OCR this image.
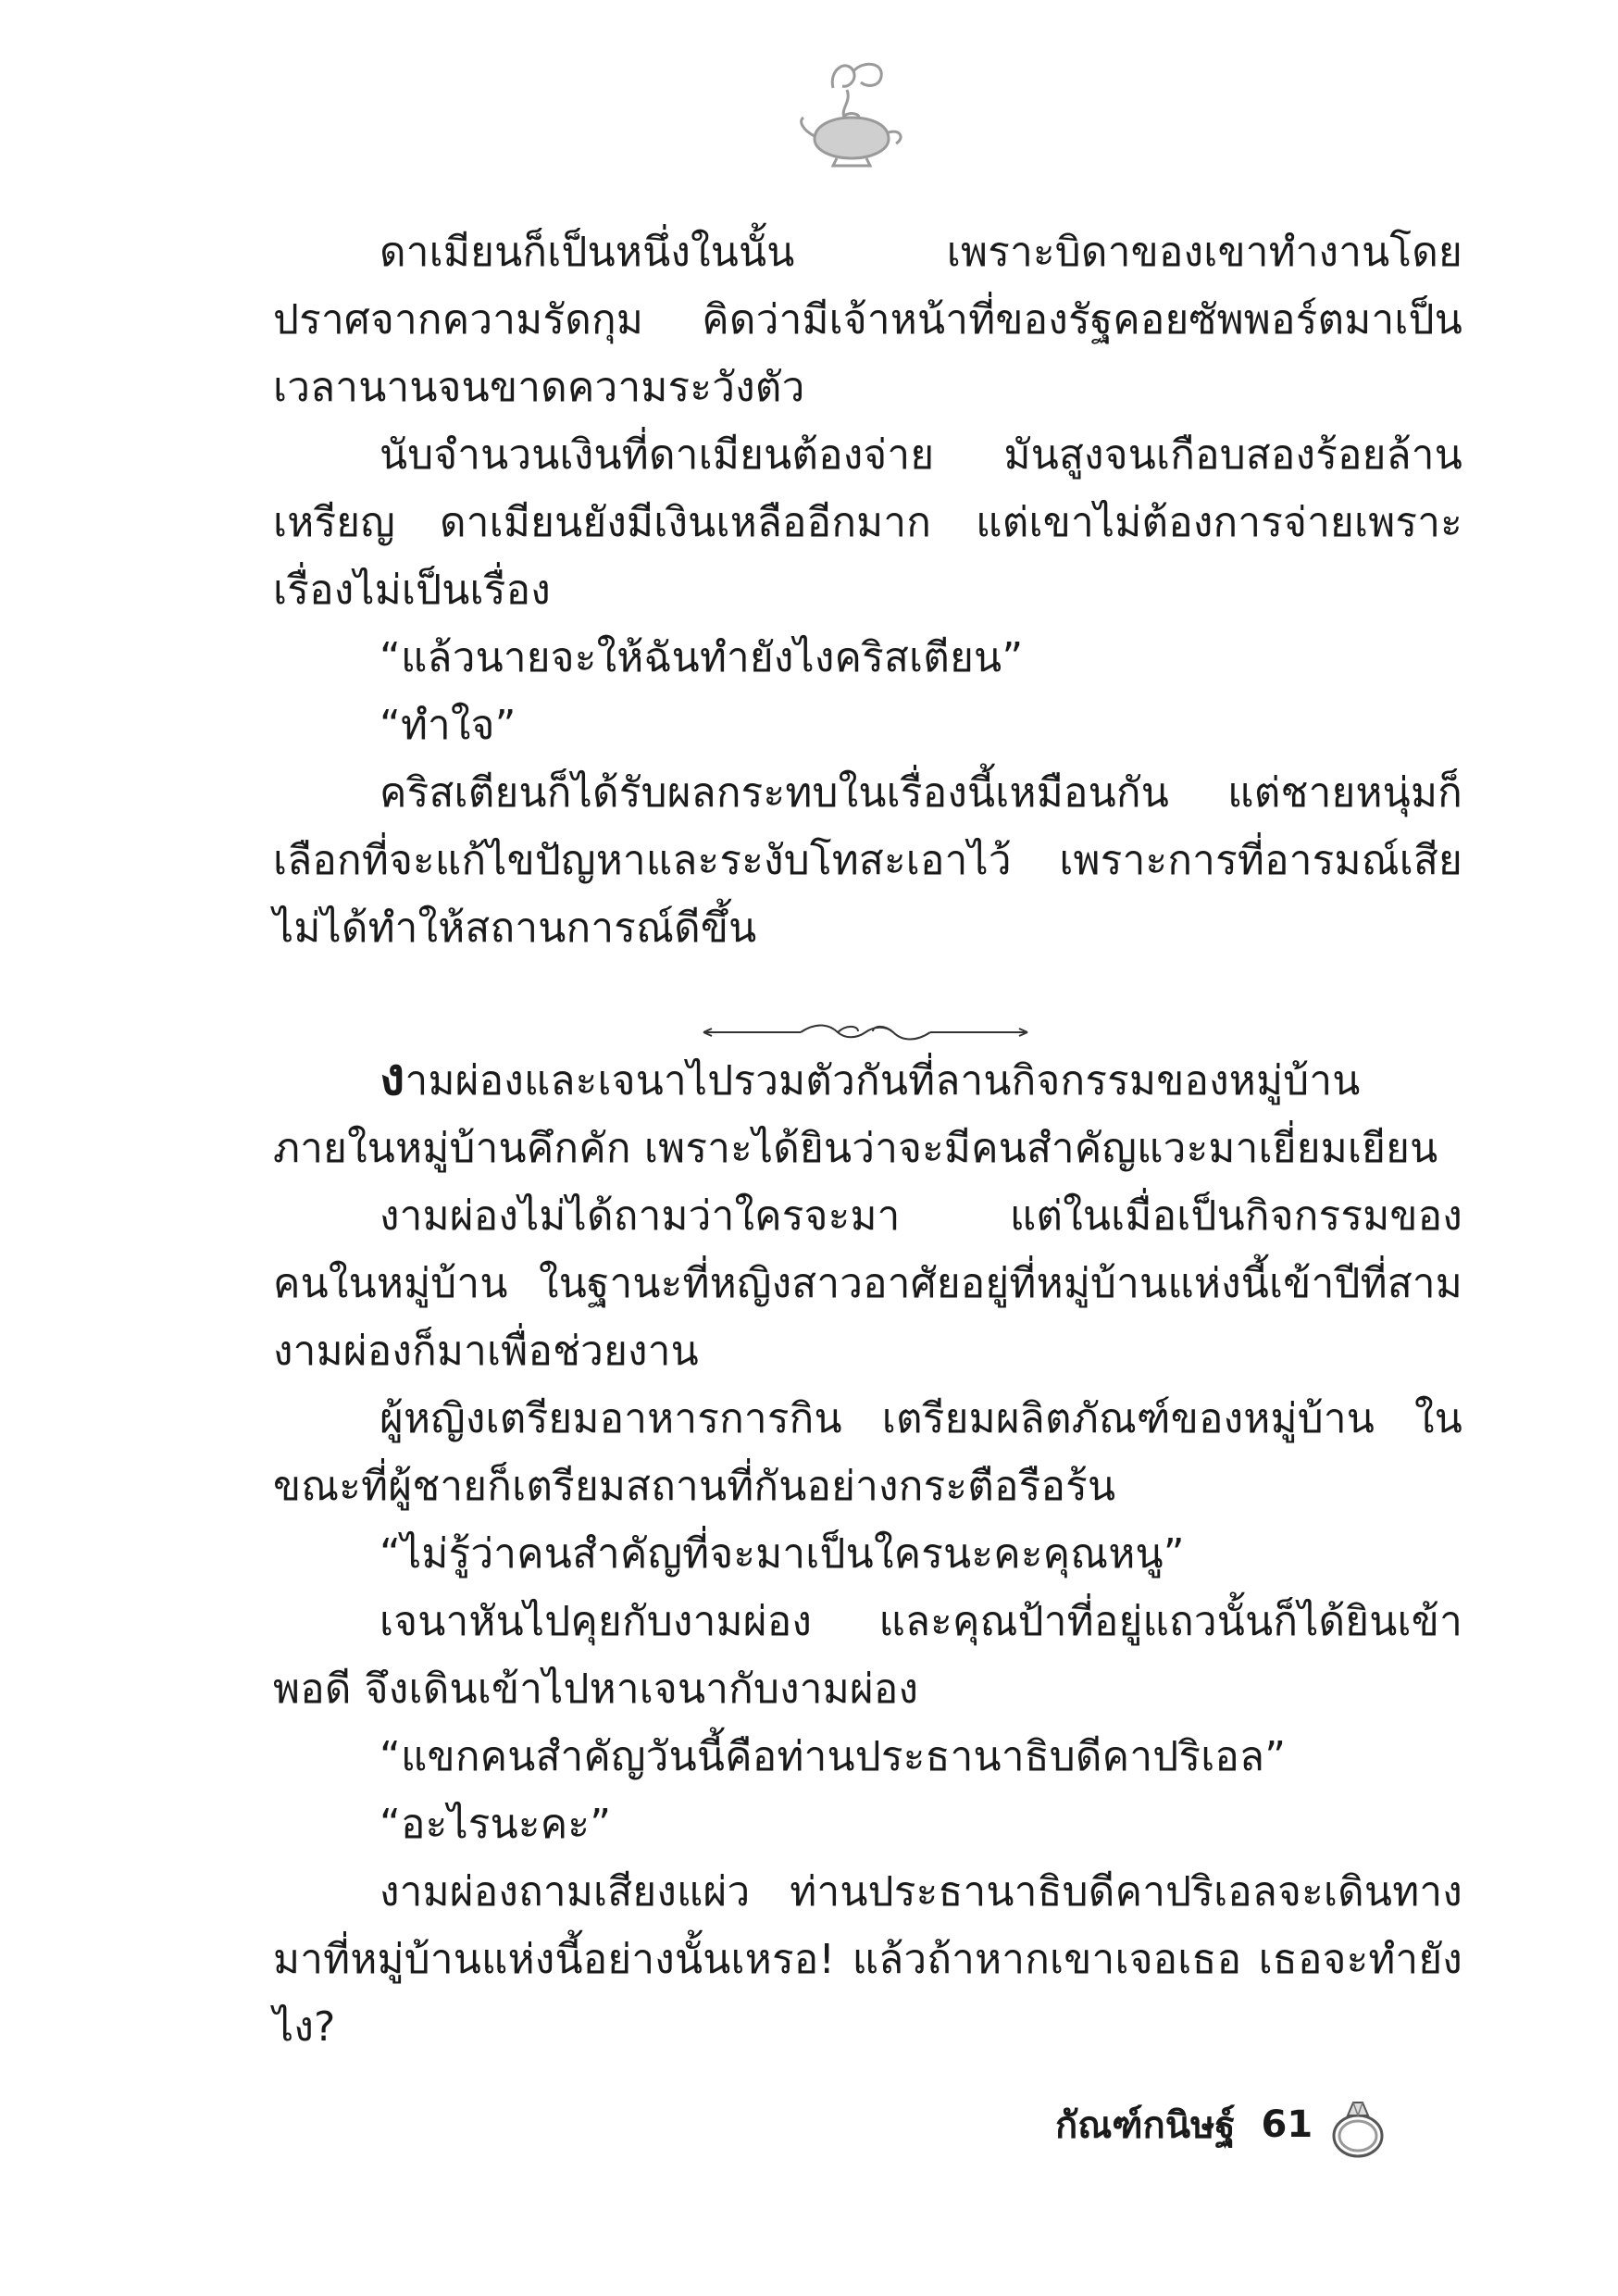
ดาเมียนก็เป็นหนึ่งในนั้น เพราะบิดาของเขาทำงานโดยปราศจากความรัดกุม คิดว่ามีเจ้าหน้าที่ของรัฐคอยซัพพอร์ตมาเป็นเวลานานจนขาดความระวังตัว

นับจำนวนเงินที่ดาเมียนต้องจ่าย มันสูงจนเกือบสองร้อยล้านเหรียญ ดาเมียนยังมีเงินเหลืออีกมาก แต่เขาไม่ต้องการจ่ายเพราะเรื่องไม่เป็นเรื่อง

“แล้วนายจะให้ฉันทำยังไงคริสเตียน”

“ทำใจ”

คริสเตียนก็ได้รับผลกระทบในเรื่องนี้เหมือนกัน แต่ชายหนุ่มก็เลือกที่จะแก้ไขปัญหาและระงับโทสะเอาไว้ เพราะการที่อารมณ์เสียไม่ได้ทำให้สถานการณ์ดีขึ้น

งามผ่องและเจนาไปรวมตัวกันที่ลานกิจกรรมของหมู่บ้านภายในหมู่บ้านคึกคัก เพราะได้ยินว่าจะมีคนสำคัญแวะมาเยี่ยมเยียน

งามผ่องไม่ได้ถามว่าใครจะมา แต่ในเมื่อเป็นกิจกรรมของคนในหมู่บ้าน ในฐานะที่หญิงสาวอาศัยอยู่ที่หมู่บ้านแห่งนี้เข้าปีที่สาม งามผ่องก็มาเพื่อช่วยงาน

ผู้หญิงเตรียมอาหารการกิน เตรียมผลิตภัณฑ์ของหมู่บ้าน ในขณะที่ผู้ชายก็เตรียมสถานที่กันอย่างกระตือรือร้น

“ไม่รู้ว่าคนสำคัญที่จะมาเป็นใครนะคะคุณหนู”

เจนาหันไปคุยกับงามผ่อง และคุณป้าที่อยู่แถวนั้นก็ได้ยินเข้าพอดี จึงเดินเข้าไปหาเจนากับงามผ่อง

“แขกคนสำคัญวันนี้คือท่านประธานาธิบดีคาปริเอล”

“อะไรนะคะ”

งามผ่องถามเสียงแผ่ว ท่านประธานาธิบดีคาปริเอลจะเดินทางมาที่หมู่บ้านแห่งนี้อย่างนั้นเหรอ! แล้วถ้าหากเขาเจอเธอ เธอจะทำยังไง?

กัณฑ์กนิษฐ์ 61
